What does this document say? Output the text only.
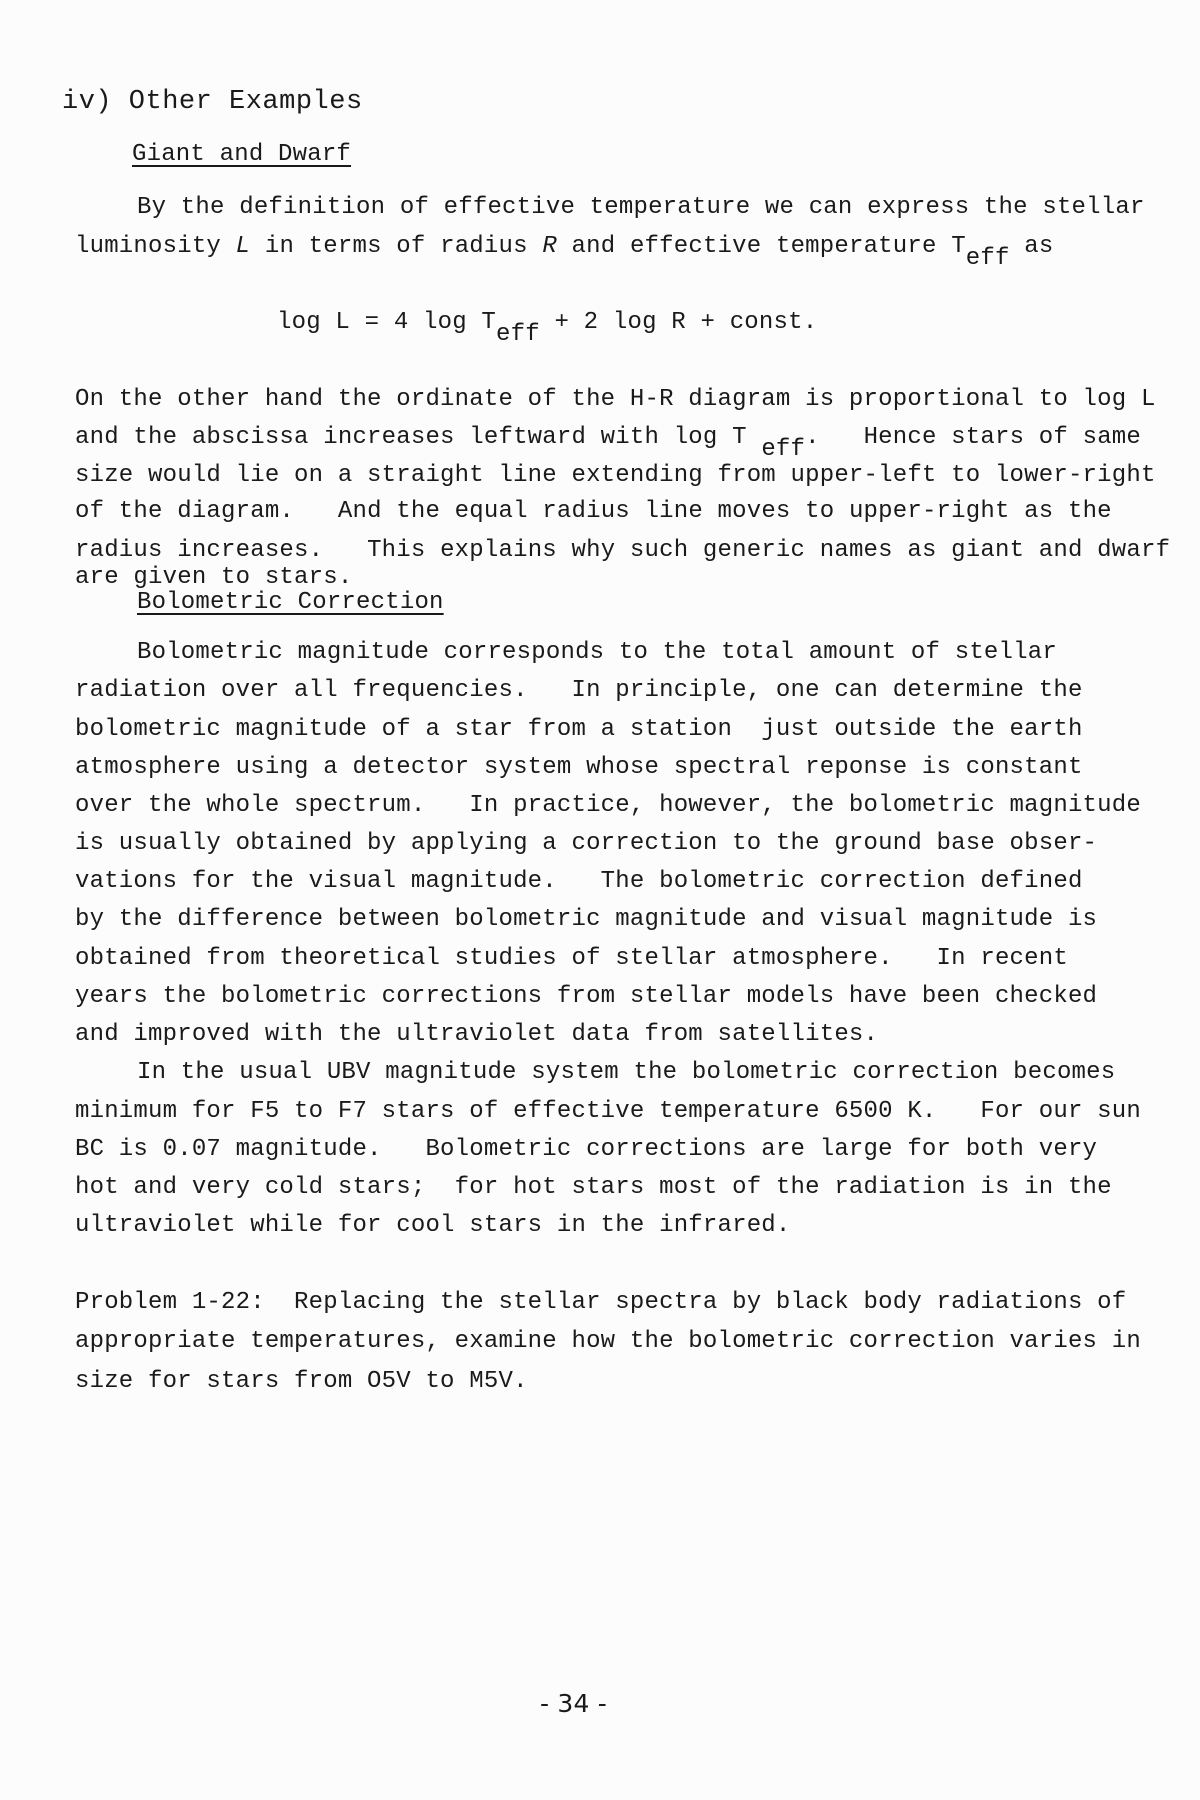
iv) Other Examples
Giant and Dwarf
By the definition of effective temperature we can express the stellar
luminosity L in terms of radius R and effective temperature Teff as
log L = 4 log Teff + 2 log R + const.
On the other hand the ordinate of the H-R diagram is proportional to log L
and the abscissa increases leftward with log T eff. Hence stars of same
size would lie on a straight line extending from upper-left to lower-right
of the diagram. And the equal radius line moves to upper-right as the
radius increases. This explains why such generic names as giant and dwarf
are given to stars.
Bolometric Correction
Bolometric magnitude corresponds to the total amount of stellar
radiation over all frequencies.   In principle, one can determine the
bolometric magnitude of a star from a station  just outside the earth
atmosphere using a detector system whose spectral reponse is constant
over the whole spectrum.   In practice, however, the bolometric magnitude
is usually obtained by applying a correction to the ground base obser-
vations for the visual magnitude.   The bolometric correction defined
by the difference between bolometric magnitude and visual magnitude is
obtained from theoretical studies of stellar atmosphere.   In recent
years the bolometric corrections from stellar models have been checked
and improved with the ultraviolet data from satellites.
In the usual UBV magnitude system the bolometric correction becomes
minimum for F5 to F7 stars of effective temperature 6500 K.   For our sun
BC is 0.07 magnitude.   Bolometric corrections are large for both very
hot and very cold stars;  for hot stars most of the radiation is in the
ultraviolet while for cool stars in the infrared.
Problem 1-22:  Replacing the stellar spectra by black body radiations of
appropriate temperatures, examine how the bolometric correction varies in
size for stars from O5V to M5V.
- 34 -
